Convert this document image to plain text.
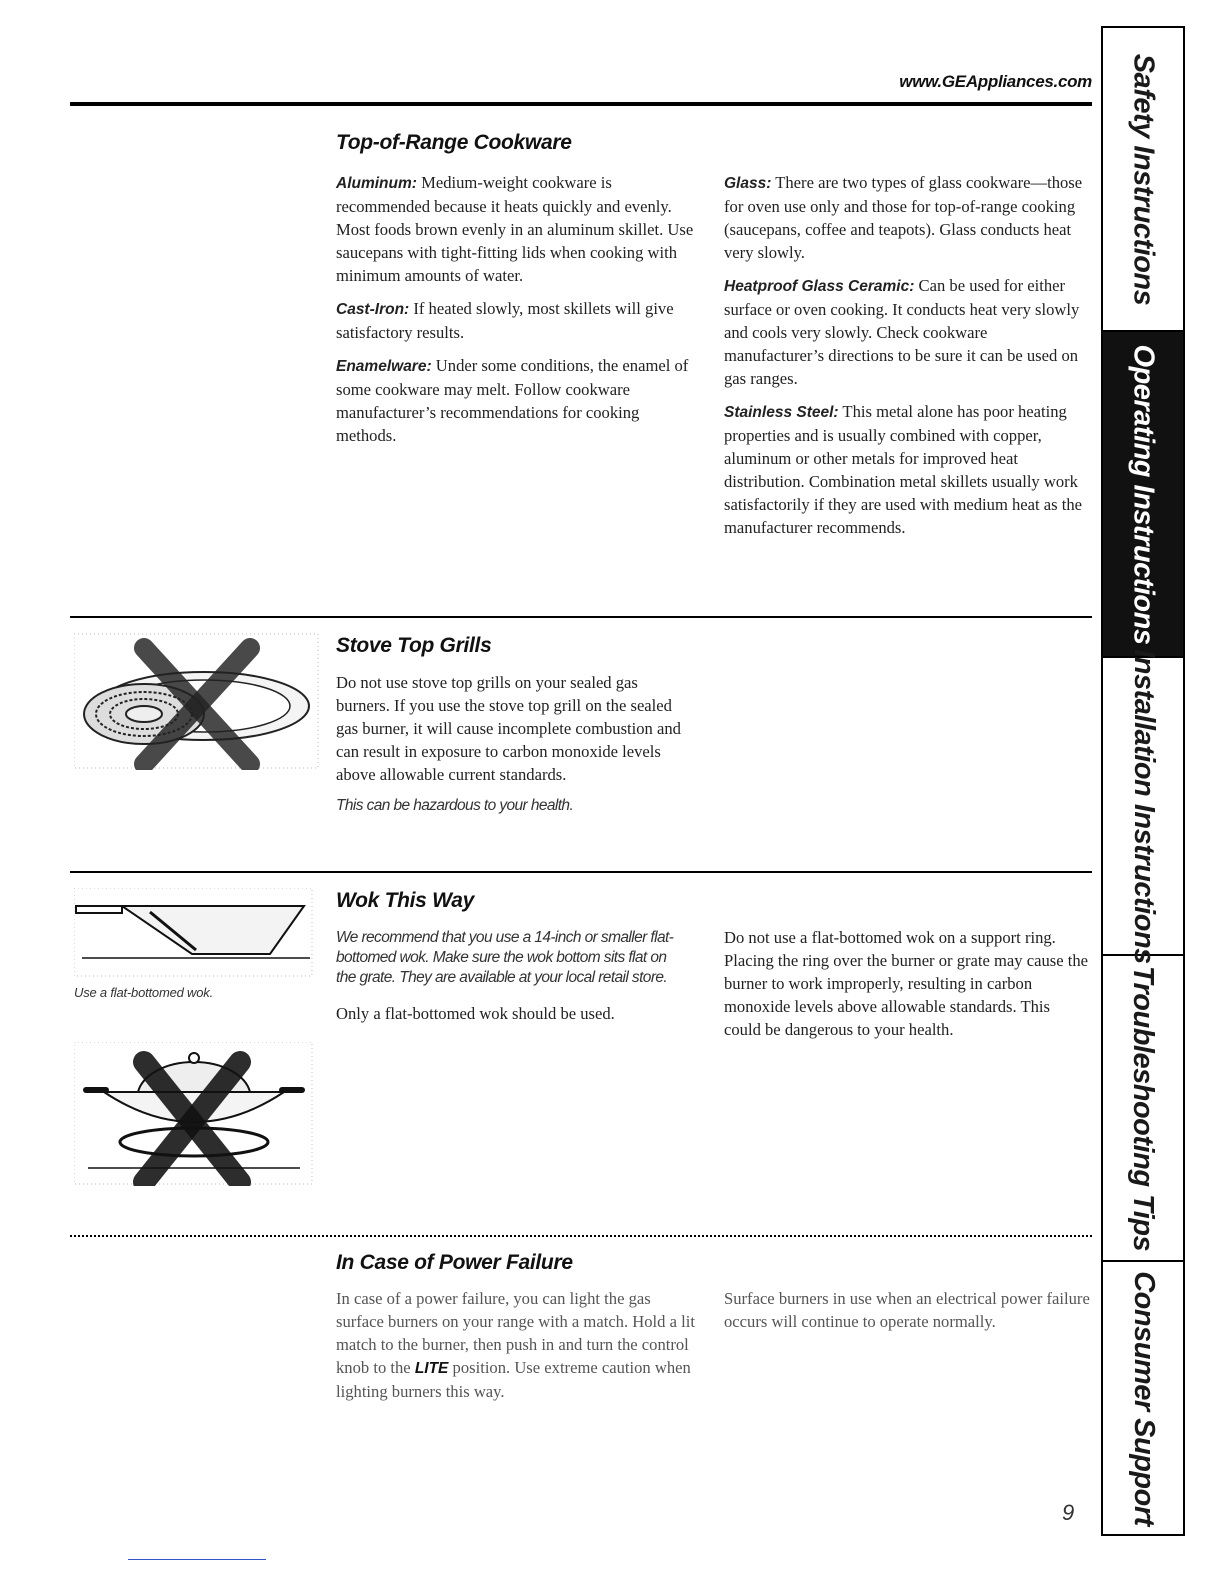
www.GEAppliances.com
Top-of-Range Cookware

Aluminum: Medium-weight cookware is recommended because it heats quickly and evenly. Most foods brown evenly in an aluminum skillet. Use saucepans with tight-fitting lids when cooking with minimum amounts of water.

Cast-Iron: If heated slowly, most skillets will give satisfactory results.

Enamelware: Under some conditions, the enamel of some cookware may melt. Follow cookware manufacturer’s recommendations for cooking methods.

Glass: There are two types of glass cookware—those for oven use only and those for top-of-range cooking (saucepans, coffee and teapots). Glass conducts heat very slowly.

Heatproof Glass Ceramic: Can be used for either surface or oven cooking. It conducts heat very slowly and cools very slowly. Check cookware manufacturer’s directions to be sure it can be used on gas ranges.

Stainless Steel: This metal alone has poor heating properties and is usually combined with copper, aluminum or other metals for improved heat distribution. Combination metal skillets usually work satisfactorily if they are used with medium heat as the manufacturer recommends.

Stove Top Grills

Do not use stove top grills on your sealed gas burners. If you use the stove top grill on the sealed gas burner, it will cause incomplete combustion and can result in exposure to carbon monoxide levels above allowable current standards.

This can be hazardous to your health.
Use a flat-bottomed wok.
Wok This Way
We recommend that you use a 14-inch or smaller flat-bottomed wok. Make sure the wok bottom sits flat on the grate. They are available at your local retail store.
Only a flat-bottomed wok should be used.
Do not use a flat-bottomed wok on a support ring. Placing the ring over the burner or grate may cause the burner to work improperly, resulting in carbon monoxide levels above allowable standards. This could be dangerous to your health.
In Case of Power Failure
In case of a power failure, you can light the gas surface burners on your range with a match. Hold a lit match to the burner, then push in and turn the control knob to the LITE position. Use extreme caution when lighting burners this way.
Surface burners in use when an electrical power failure occurs will continue to operate normally.
9
Safety Instructions
Operating Instructions
Installation Instructions
Troubleshooting Tips
Consumer Support
